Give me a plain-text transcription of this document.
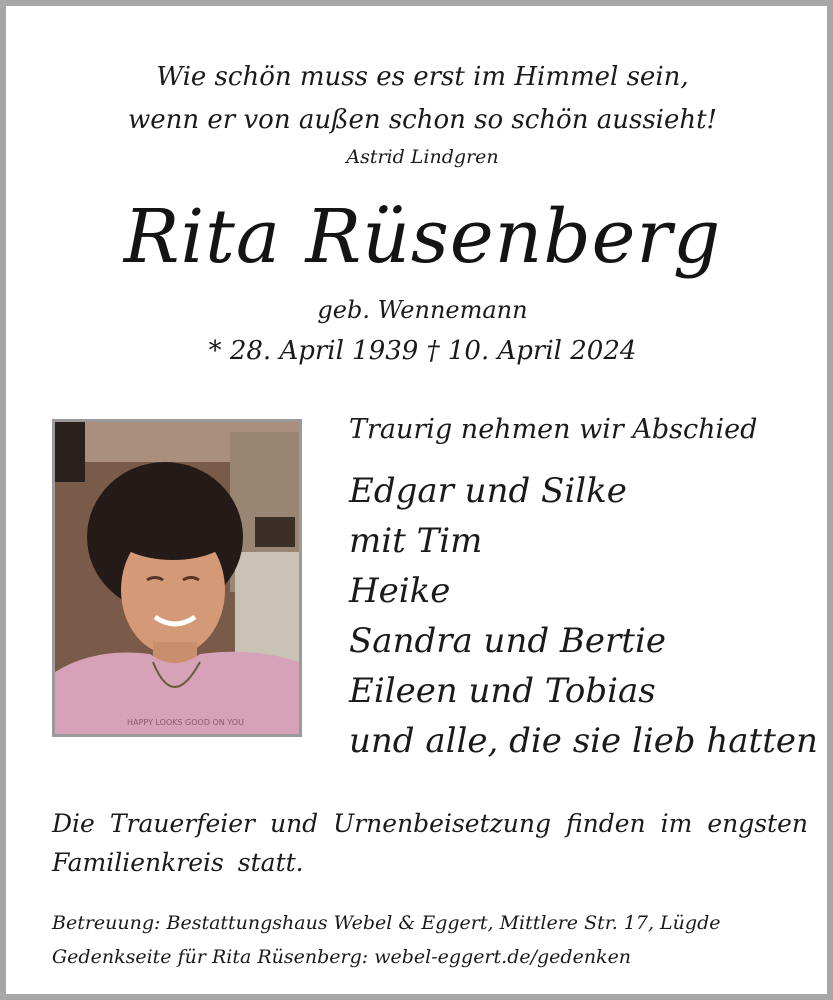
Wie schön muss es erst im Himmel sein,
wenn er von außen schon so schön aussieht!
Astrid Lindgren
Rita Rüsenberg
geb. Wennemann
* 28. April 1939 † 10. April 2024
HAPPY LOOKS GOOD ON YOU
Traurig nehmen wir Abschied
Edgar und Silke
mit Tim
Heike
Sandra und Bertie
Eileen und Tobias
und alle, die sie lieb hatten
Die Trauerfeier und Urnenbeisetzung finden im engsten Familienkreis statt.
Betreuung: Bestattungshaus Webel & Eggert, Mittlere Str. 17, Lügde
Gedenkseite für Rita Rüsenberg: webel-eggert.de/gedenken
